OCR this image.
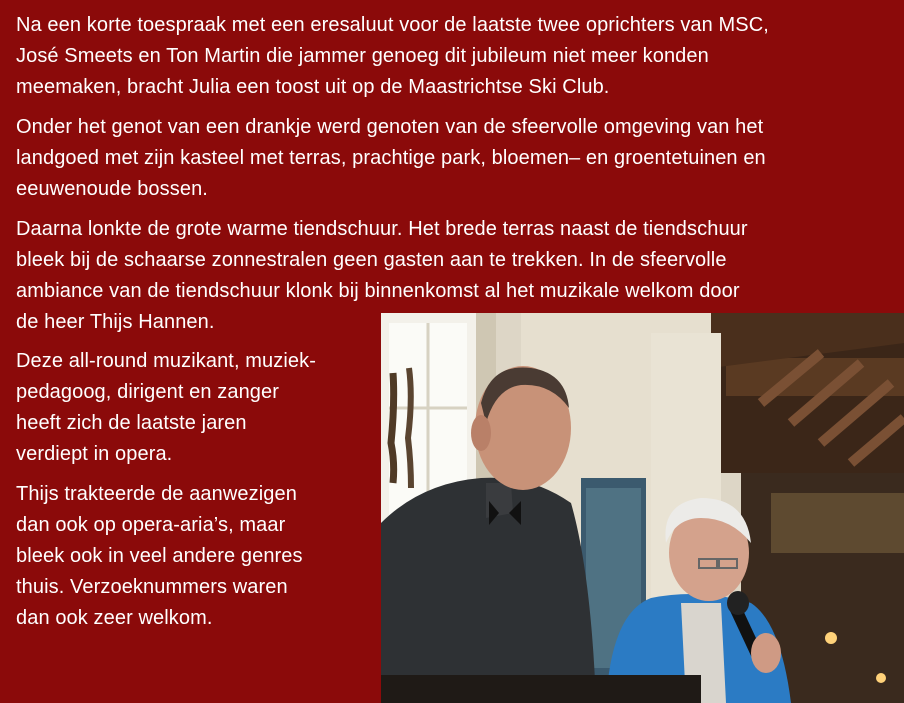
Na een korte toespraak met een eresaluut voor de laatste twee oprichters van MSC,
José Smeets en Ton Martin die jammer genoeg dit jubileum niet meer konden
meemaken, bracht Julia een toost uit op de Maastrichtse Ski Club.

Onder het genot van een drankje werd genoten van de sfeervolle omgeving van het
landgoed met zijn kasteel met terras, prachtige park, bloemen– en groentetuinen en
eeuwenoude bossen.

Daarna lonkte de grote warme tiendschuur. Het brede terras naast de tiendschuur
bleek bij de schaarse zonnestralen geen gasten aan te trekken. In de sfeervolle
ambiance van de tiendschuur klonk bij binnenkomst al het muzikale welkom door
de heer Thijs Hannen.

Deze all-round muzikant, muziek-
pedagoog, dirigent en zanger
heeft zich de laatste jaren
verdiept in opera.

Thijs trakteerde de aanwezigen
dan ook op opera-aria’s, maar
bleek ook in veel andere genres
thuis. Verzoeknummers waren
dan ook zeer welkom.
